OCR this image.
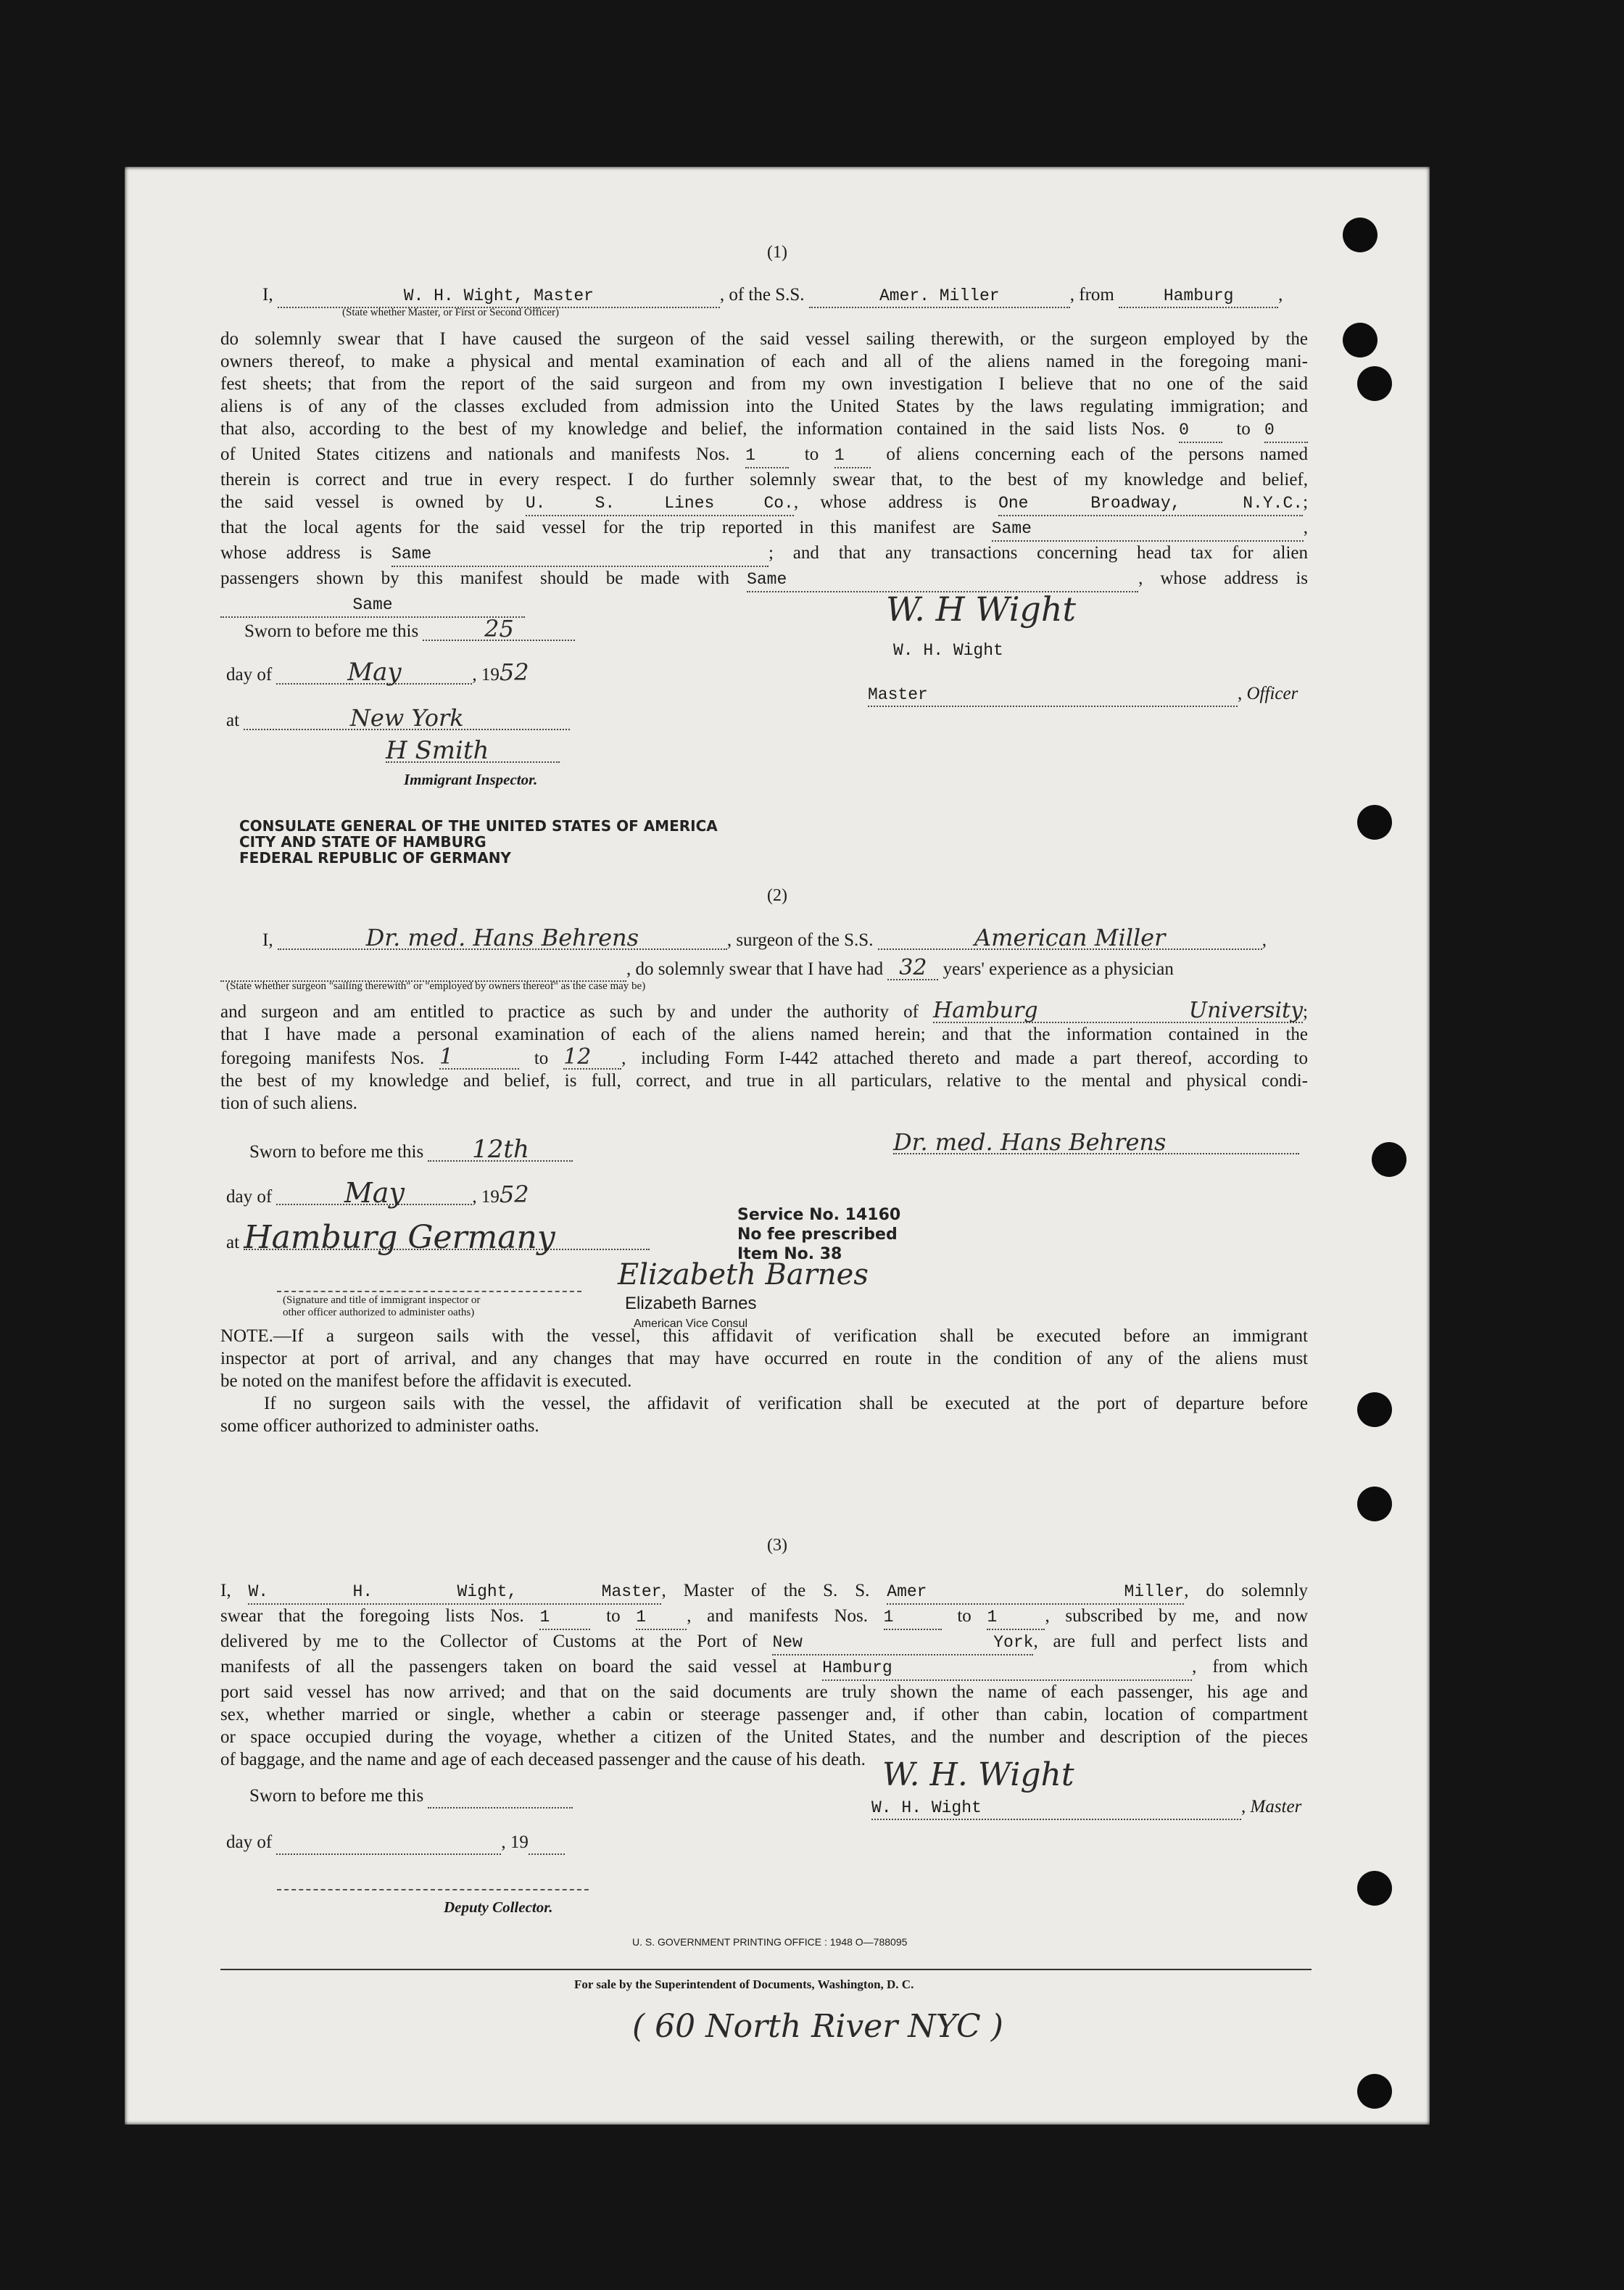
(1)
I,	W. H. Wight, Master	, of the S.S.	Amer. Miller	, from	Hamburg ,
(State whether Master, or First or Second Officer)
do solemnly swear that I have caused the surgeon of the said vessel sailing therewith, or the surgeon employed by the
owners thereof, to make a physical and mental examination of each and all of the aliens named in the foregoing mani-
fest sheets; that from the report of the said surgeon and from my own investigation I believe that no one of the said
aliens is of any of the classes excluded from admission into the United States by the laws regulating immigration; and
that also, according to the best of my knowledge and belief, the information contained in the said lists Nos. 0 to 0
of United States citizens and nationals and manifests Nos. 1 to 1 of aliens concerning each of the persons named
therein is correct and true in every respect. I do further solemnly swear that, to the best of my knowledge and belief,
the said vessel is owned by U. S. Lines Co., whose address is One Broadway, N.Y.C.;
that the local agents for the said vessel for the trip reported in this manifest are Same	,
whose address is Same	; and that any transactions concerning head tax for alien
passengers shown by this manifest should be made with Same	, whose address is
Same
Sworn to before me this	25
day of	May	, 1952
at	New York
H Smith
Immigrant Inspector.
W. H Wight
W. H. Wight
Master	, Officer
CONSULATE GENERAL OF THE UNITED STATES OF AMERICA
CITY AND STATE OF HAMBURG
FEDERAL REPUBLIC OF GERMANY
(2)
I,	Dr. med. Hans Behrens	, surgeon of the S.S.	American Miller	,
, do solemnly swear that I have had 32 years' experience as a physician
(State whether surgeon "sailing therewith" or "employed by owners thereof" as the case may be)
and surgeon and am entitled to practice as such by and under the authority of Hamburg University;
that I have made a personal examination of each of the aliens named herein; and that the information contained in the
foregoing manifests Nos. 1	to 12 , including Form I-442 attached thereto and made a part thereof, according to
the best of my knowledge and belief, is full, correct, and true in all particulars, relative to the mental and physical condi-
tion of such aliens.
Sworn to before me this 12th	Dr. med. Hans Behrens
day of May	, 1952
at Hamburg Germany
Service No. 14160
No fee prescribed
Item No. 38
Elizabeth Barnes
Elizabeth Barnes
American Vice Consul
(Signature and title of immigrant inspector or
other officer authorized to administer oaths)
NOTE.—If a surgeon sails with the vessel, this affidavit of verification shall be executed before an immigrant
inspector at port of arrival, and any changes that may have occurred en route in the condition of any of the aliens must
be noted on the manifest before the affidavit is executed.
If no surgeon sails with the vessel, the affidavit of verification shall be executed at the port of departure before
some officer authorized to administer oaths.
(3)
I, W. H. Wight, Master, Master of the S. S. Amer Miller, do solemnly
swear that the foregoing lists Nos. 1 to 1 , and manifests Nos. 1	to 1	, subscribed by me, and now
delivered by me to the Collector of Customs at the Port of New York, are full and perfect lists and
manifests of all the passengers taken on board the said vessel at Hamburg	, from which
port said vessel has now arrived; and that on the said documents are truly shown the name of each passenger, his age and
sex, whether married or single, whether a cabin or steerage passenger and, if other than cabin, location of compartment
or space occupied during the voyage, whether a citizen of the United States, and the number and description of the pieces
of baggage, and the name and age of each deceased passenger and the cause of his death.
Sworn to before me this
W. H. Wight
W. H. Wight	, Master
day of	, 19
Deputy Collector.
U. S. GOVERNMENT PRINTING OFFICE : 1948 O—788095
For sale by the Superintendent of Documents, Washington, D. C.
( 60 North River NYC )
